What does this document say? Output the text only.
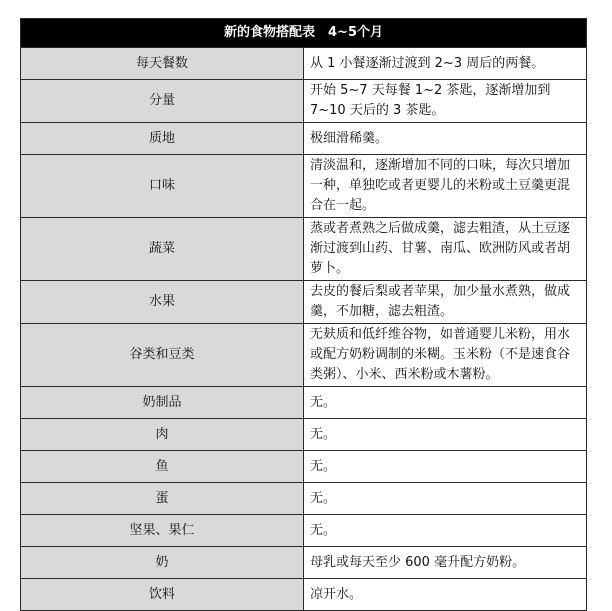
新的食物搭配表　4~5个月	
每天餐数	从 1 小餐逐渐过渡到 2~3 周后的两餐。
分量	开始 5~7 天每餐 1~2 茶匙，逐渐增加到 7~10 天后的 3 茶匙。
质地	极细滑稀羹。
口味	清淡温和，逐渐增加不同的口味，每次只增加一种，单独吃或者更婴儿的米粉或土豆羹更混合在一起。
蔬菜	蒸或者煮熟之后做成羹，滤去粗渣，从土豆逐渐过渡到山药、甘薯、南瓜、欧洲防风或者胡萝卜。
水果	去皮的餐后梨或者苹果，加少量水煮熟，做成羹，不加糖，滤去粗渣。
谷类和豆类	无麸质和低纤维谷物，如普通婴儿米粉，用水或配方奶粉调制的米糊。玉米粉（不是速食谷类粥）、小米、西米粉或木薯粉。
奶制品	无。
肉	无。
鱼	无。
蛋	无。
坚果、果仁	无。
奶	母乳或每天至少 600 毫升配方奶粉。
饮料	凉开水。
